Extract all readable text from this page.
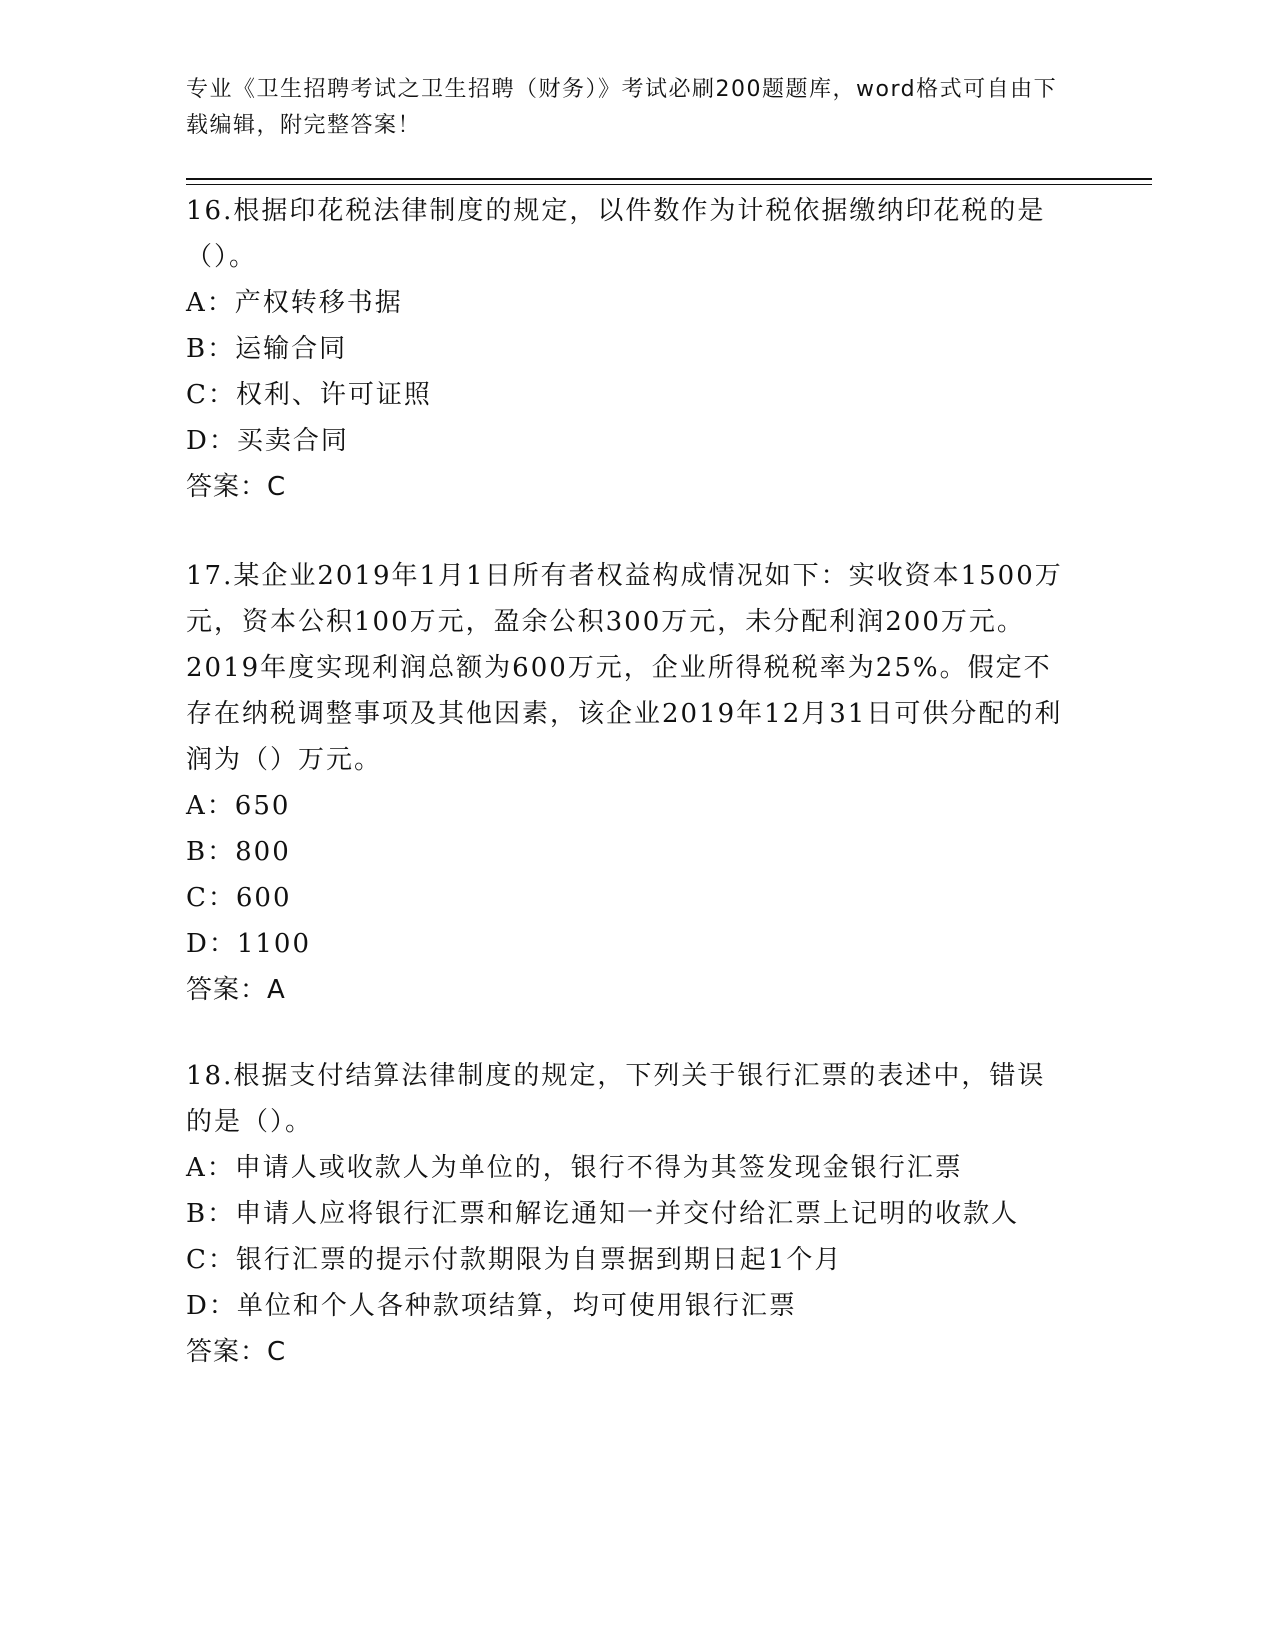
专业《卫生招聘考试之卫生招聘（财务）》考试必刷200题题库，word格式可自由下载编辑，附完整答案！

16.根据印花税法律制度的规定，以件数作为计税依据缴纳印花税的是（）。

A：产权转移书据

B：运输合同

C：权利、许可证照

D：买卖合同

答案：C

17.某企业2019年1月1日所有者权益构成情况如下：实收资本1500万元，资本公积100万元，盈余公积300万元，未分配利润200万元。2019年度实现利润总额为600万元，企业所得税税率为25%。假定不存在纳税调整事项及其他因素，该企业2019年12月31日可供分配的利润为（）万元。

A：650

B：800

C：600

D：1100

答案：A

18.根据支付结算法律制度的规定，下列关于银行汇票的表述中，错误的是（）。

A：申请人或收款人为单位的，银行不得为其签发现金银行汇票

B：申请人应将银行汇票和解讫通知一并交付给汇票上记明的收款人

C：银行汇票的提示付款期限为自票据到期日起1个月

D：单位和个人各种款项结算，均可使用银行汇票

答案：C
